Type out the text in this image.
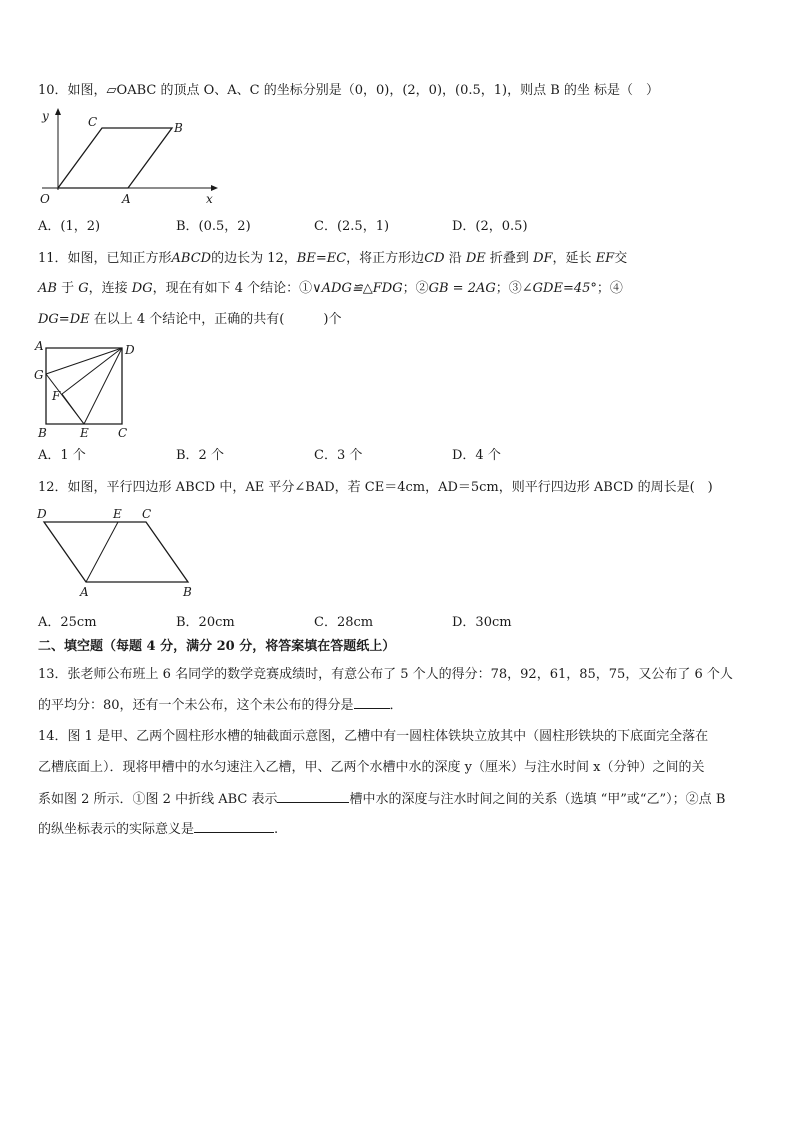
10．如图，▱OABC 的顶点 O、A、C 的坐标分别是（0，0)，(2，0)，(0.5，1)，则点 B 的坐 标是（　）
y
x
O	A
C	B
A．(1，2)	B．(0.5，2)	C．(2.5，1)	D．(2，0.5)
11．如图，已知正方形ABCD的边长为 12，BE=EC，将正方形边CD 沿 DE 折叠到 DF，延长 EF交
AB 于 G，连接 DG，现在有如下 4 个结论：①∨ADG≌△FDG；②GB = 2AG；③∠GDE=45°；④
DG=DE 在以上 4 个结论中，正确的共有(　　　)个
A	D
G
F
B	E C
A．1 个	B．2 个	C．3 个	D．4 个
12．如图，平行四边形 ABCD 中，AE 平分∠BAD，若 CE＝4cm，AD＝5cm，则平行四边形 ABCD 的周长是(　)
D	E C
A	B
A．25cm	B．20cm	C．28cm	D．30cm
二、填空题（每题 4 分，满分 20 分，将答案填在答题纸上）
13．张老师公布班上 6 名同学的数学竞赛成绩时，有意公布了 5 个人的得分：78，92，61，85，75，又公布了 6 个人
的平均分：80，还有一个未公布，这个未公布的得分是	．
14．图 1 是甲、乙两个圆柱形水槽的轴截面示意图，乙槽中有一圆柱体铁块立放其中（圆柱形铁块的下底面完全落在
乙槽底面上）．现将甲槽中的水匀速注入乙槽，甲、乙两个水槽中水的深度 y（厘米）与注水时间 x（分钟）之间的关
系如图 2 所示．①图 2 中折线 ABC 表示	槽中水的深度与注水时间之间的关系（选填 “甲”或“乙”）；②点 B
的纵坐标表示的实际意义是	.
